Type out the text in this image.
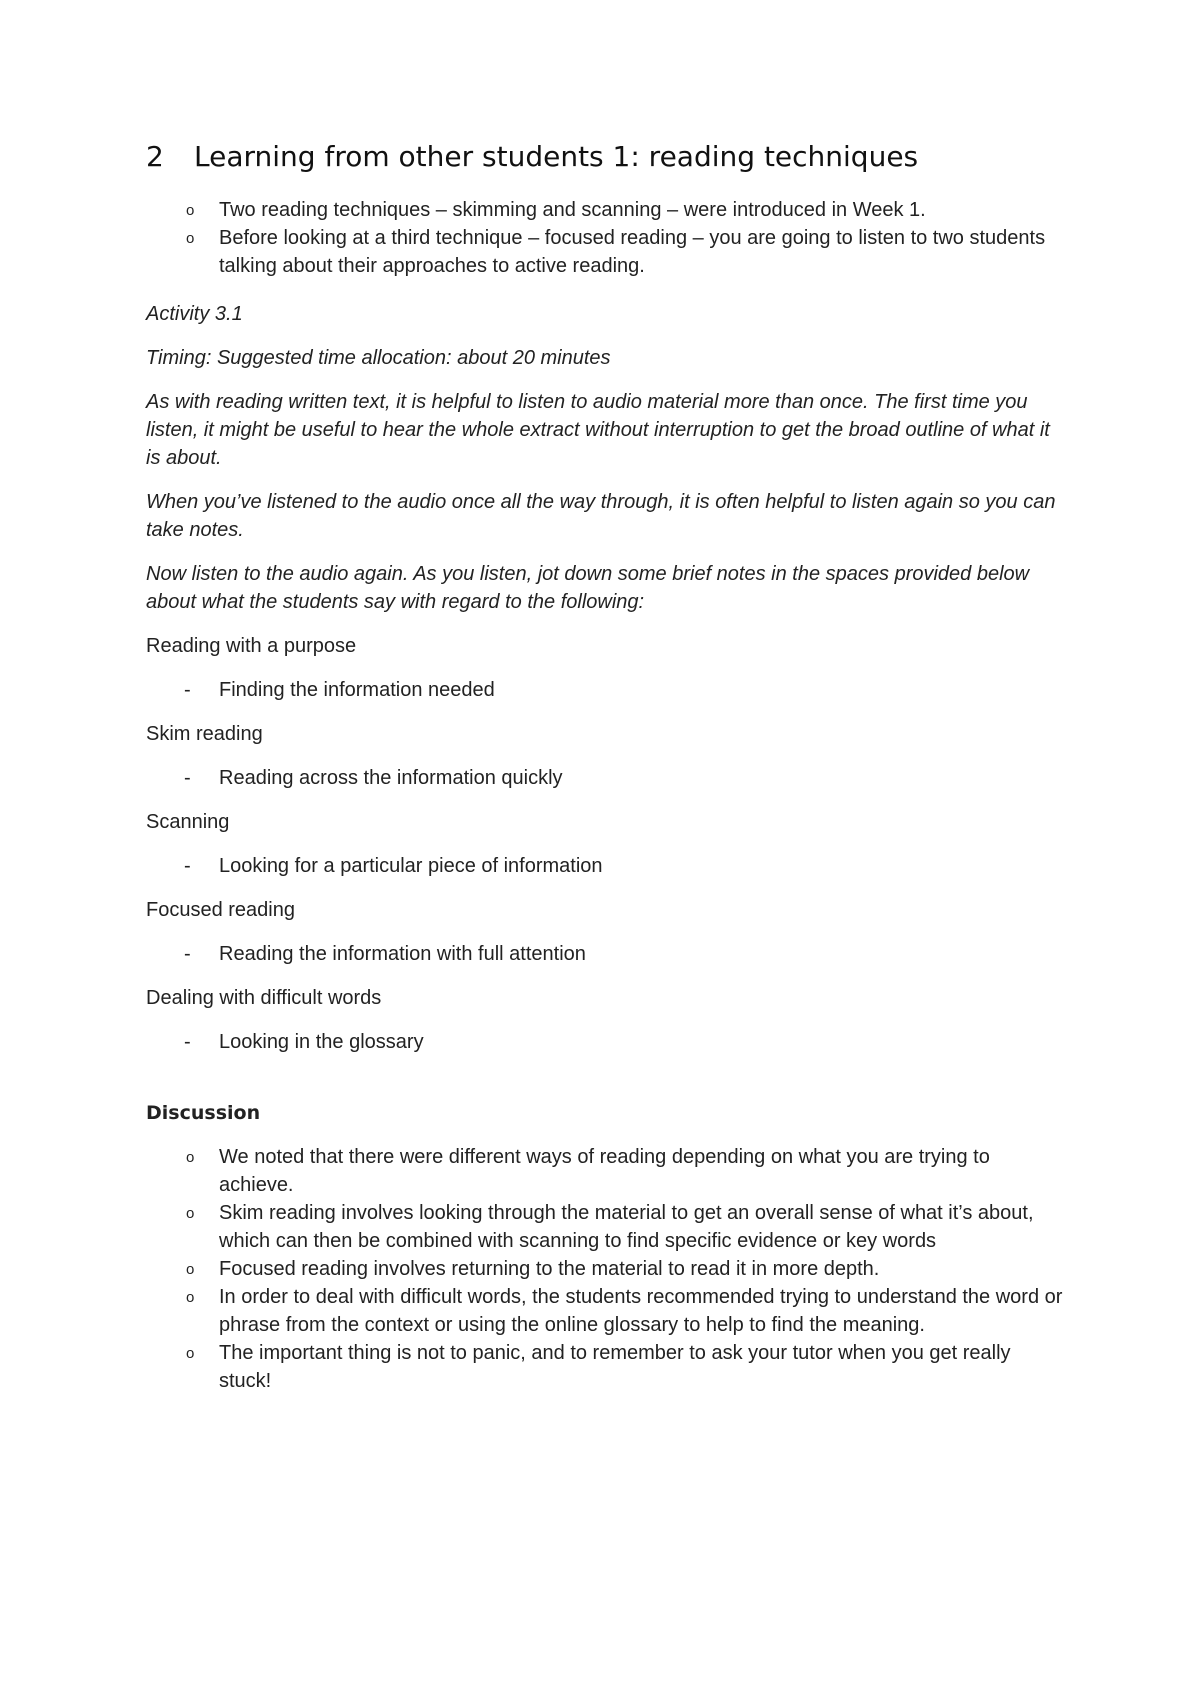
2 Learning from other students 1: reading techniques
o Two reading techniques – skimming and scanning – were introduced in Week 1.
o Before looking at a third technique – focused reading – you are going to listen to two students talking about their approaches to active reading.
Activity 3.1
Timing: Suggested time allocation: about 20 minutes
As with reading written text, it is helpful to listen to audio material more than once. The first time you listen, it might be useful to hear the whole extract without interruption to get the broad outline of what it is about.
When you’ve listened to the audio once all the way through, it is often helpful to listen again so you can take notes.
Now listen to the audio again. As you listen, jot down some brief notes in the spaces provided below about what the students say with regard to the following:
Reading with a purpose
- Finding the information needed
Skim reading
- Reading across the information quickly
Scanning
- Looking for a particular piece of information
Focused reading
- Reading the information with full attention
Dealing with difficult words
- Looking in the glossary
Discussion
o We noted that there were different ways of reading depending on what you are trying to achieve.
o Skim reading involves looking through the material to get an overall sense of what it’s about, which can then be combined with scanning to find specific evidence or key words
o Focused reading involves returning to the material to read it in more depth.
o In order to deal with difficult words, the students recommended trying to understand the word or phrase from the context or using the online glossary to help to find the meaning.
o The important thing is not to panic, and to remember to ask your tutor when you get really stuck!
